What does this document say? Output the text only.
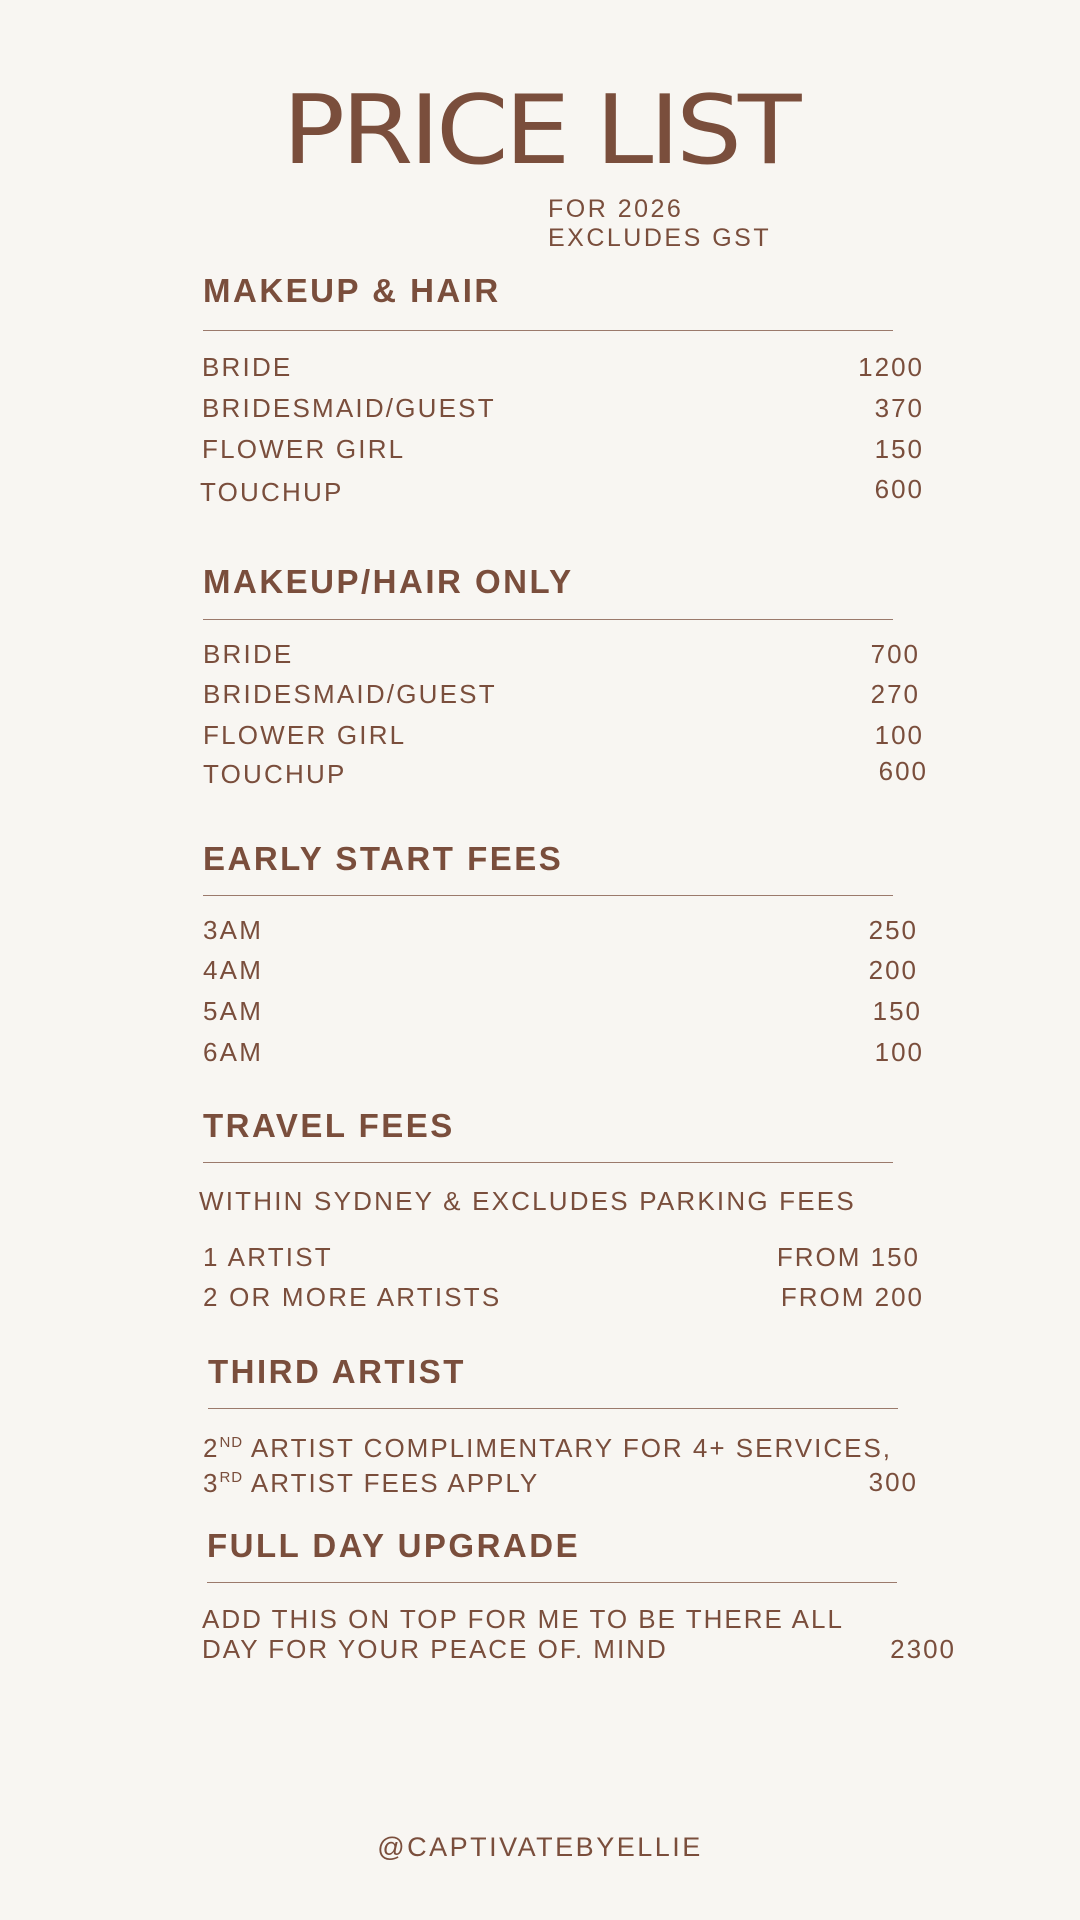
PRICE LIST
FOR 2026
EXCLUDES GST
MAKEUP & HAIR
BRIDE	1200
BRIDESMAID/GUEST	370
FLOWER GIRL	150
TOUCHUP	600
MAKEUP/HAIR ONLY
BRIDE	700
BRIDESMAID/GUEST	270
FLOWER GIRL	100
TOUCHUP	600
EARLY START FEES
3AM	250
4AM	200
5AM	150
6AM	100
TRAVEL FEES
WITHIN SYDNEY & EXCLUDES PARKING FEES
1 ARTIST	FROM 150
2 OR MORE ARTISTS	FROM 200
THIRD ARTIST
2ND ARTIST COMPLIMENTARY FOR 4+ SERVICES,
3RD ARTIST FEES APPLY	300
FULL DAY UPGRADE
ADD THIS ON TOP FOR ME TO BE THERE ALL
DAY FOR YOUR PEACE OF. MIND	2300
@CAPTIVATEBYELLIE
